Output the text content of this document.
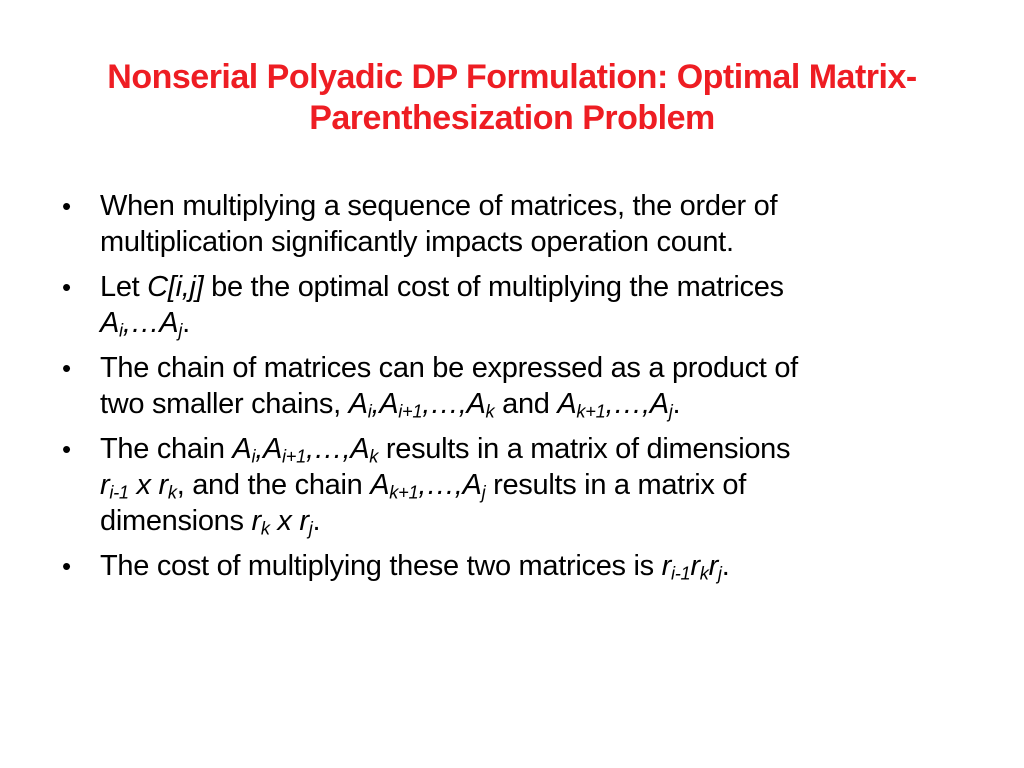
Nonserial Polyadic DP Formulation: Optimal Matrix-
Parenthesization Problem
• When multiplying a sequence of matrices, the order of
multiplication significantly impacts operation count.
• Let C[i,j] be the optimal cost of multiplying the matrices
$A_i,\dots A_j$.
• The chain of matrices can be expressed as a product of
two smaller chains, $A_i,A_{i+1},\dots,A_k$ and $A_{k+1},\dots,A_j$.
• The chain $A_i,A_{i+1},\dots,A_k$ results in a matrix of dimensions
$r_{i-1}$ x $r_k$, and the chain $A_{k+1},\dots,A_j$ results in a matrix of
dimensions $r_k$ x $r_j$.
• The cost of multiplying these two matrices is $r_{i-1}r_kr_j$.
